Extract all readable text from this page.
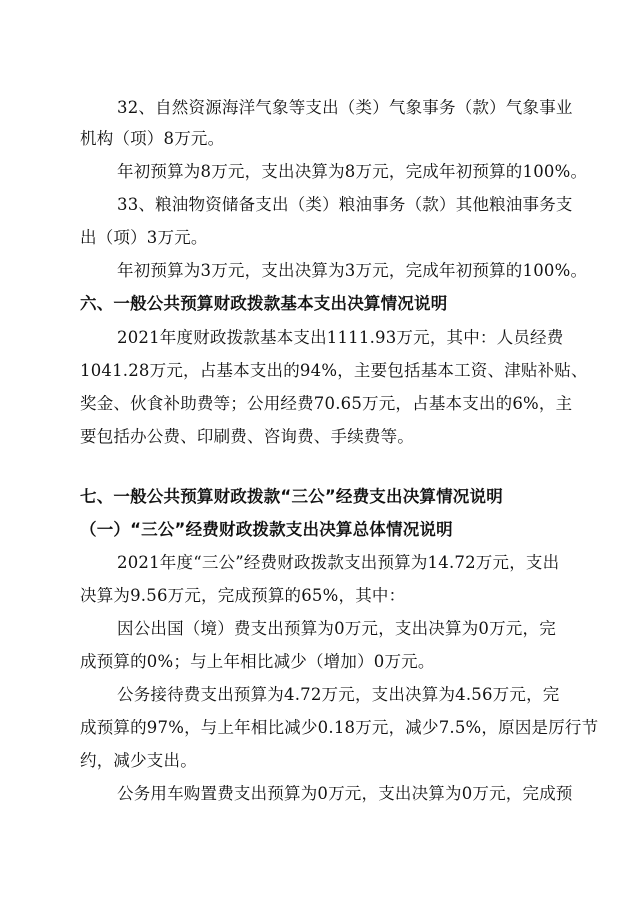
32、自然资源海洋气象等支出（类）气象事务（款）气象事业
机构（项）8万元。
年初预算为8万元，支出决算为8万元，完成年初预算的100%。
33、粮油物资储备支出（类）粮油事务（款）其他粮油事务支
出（项）3万元。
年初预算为3万元，支出决算为3万元，完成年初预算的100%。
六、一般公共预算财政拨款基本支出决算情况说明
2021年度财政拨款基本支出1111.93万元，其中：人员经费
1041.28万元，占基本支出的94%，主要包括基本工资、津贴补贴、
奖金、伙食补助费等；公用经费70.65万元，占基本支出的6%，主
要包括办公费、印刷费、咨询费、手续费等。
七、一般公共预算财政拨款“三公”经费支出决算情况说明
（一）“三公”经费财政拨款支出决算总体情况说明
2021年度“三公”经费财政拨款支出预算为14.72万元，支出
决算为9.56万元，完成预算的65%，其中：
因公出国（境）费支出预算为0万元，支出决算为0万元，完
成预算的0%；与上年相比减少（增加）0万元。
公务接待费支出预算为4.72万元，支出决算为4.56万元，完
成预算的97%，与上年相比减少0.18万元，减少7.5%，原因是厉行节
约，减少支出。
公务用车购置费支出预算为0万元，支出决算为0万元，完成预
